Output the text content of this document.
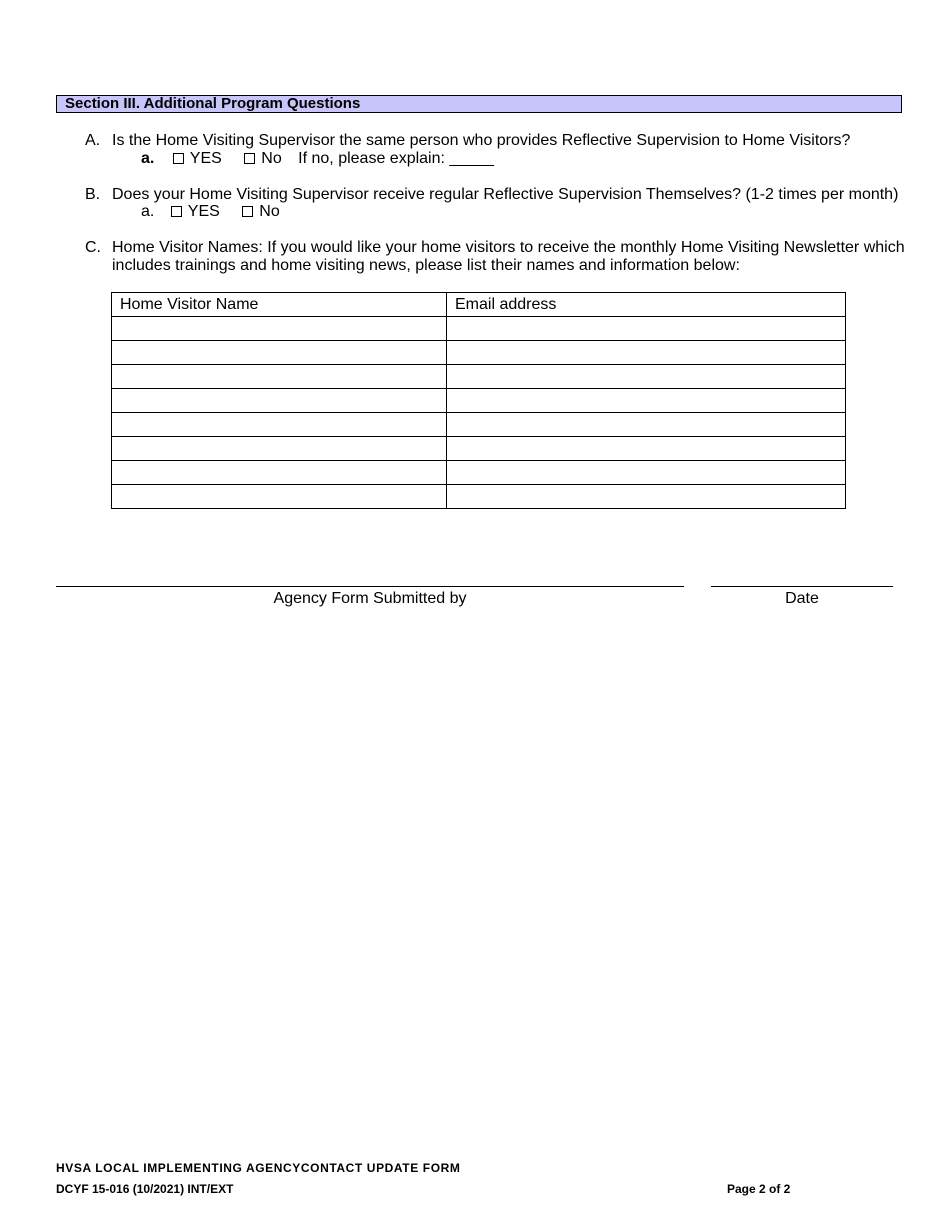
Section III. Additional Program Questions
A. Is the Home Visiting Supervisor the same person who provides Reflective Supervision to Home Visitors?
a. YES No If no, please explain: _____
B. Does your Home Visiting Supervisor receive regular Reflective Supervision Themselves? (1-2 times per month)
a. YES No
C. Home Visitor Names: If you would like your home visitors to receive the monthly Home Visiting Newsletter which
includes trainings and home visiting news, please list their names and information below:
Home Visitor Name	Email address

Agency Form Submitted by	Date
HVSA LOCAL IMPLEMENTING AGENCYCONTACT UPDATE FORM
DCYF 15-016 (10/2021) INT/EXT	Page 2 of 2
